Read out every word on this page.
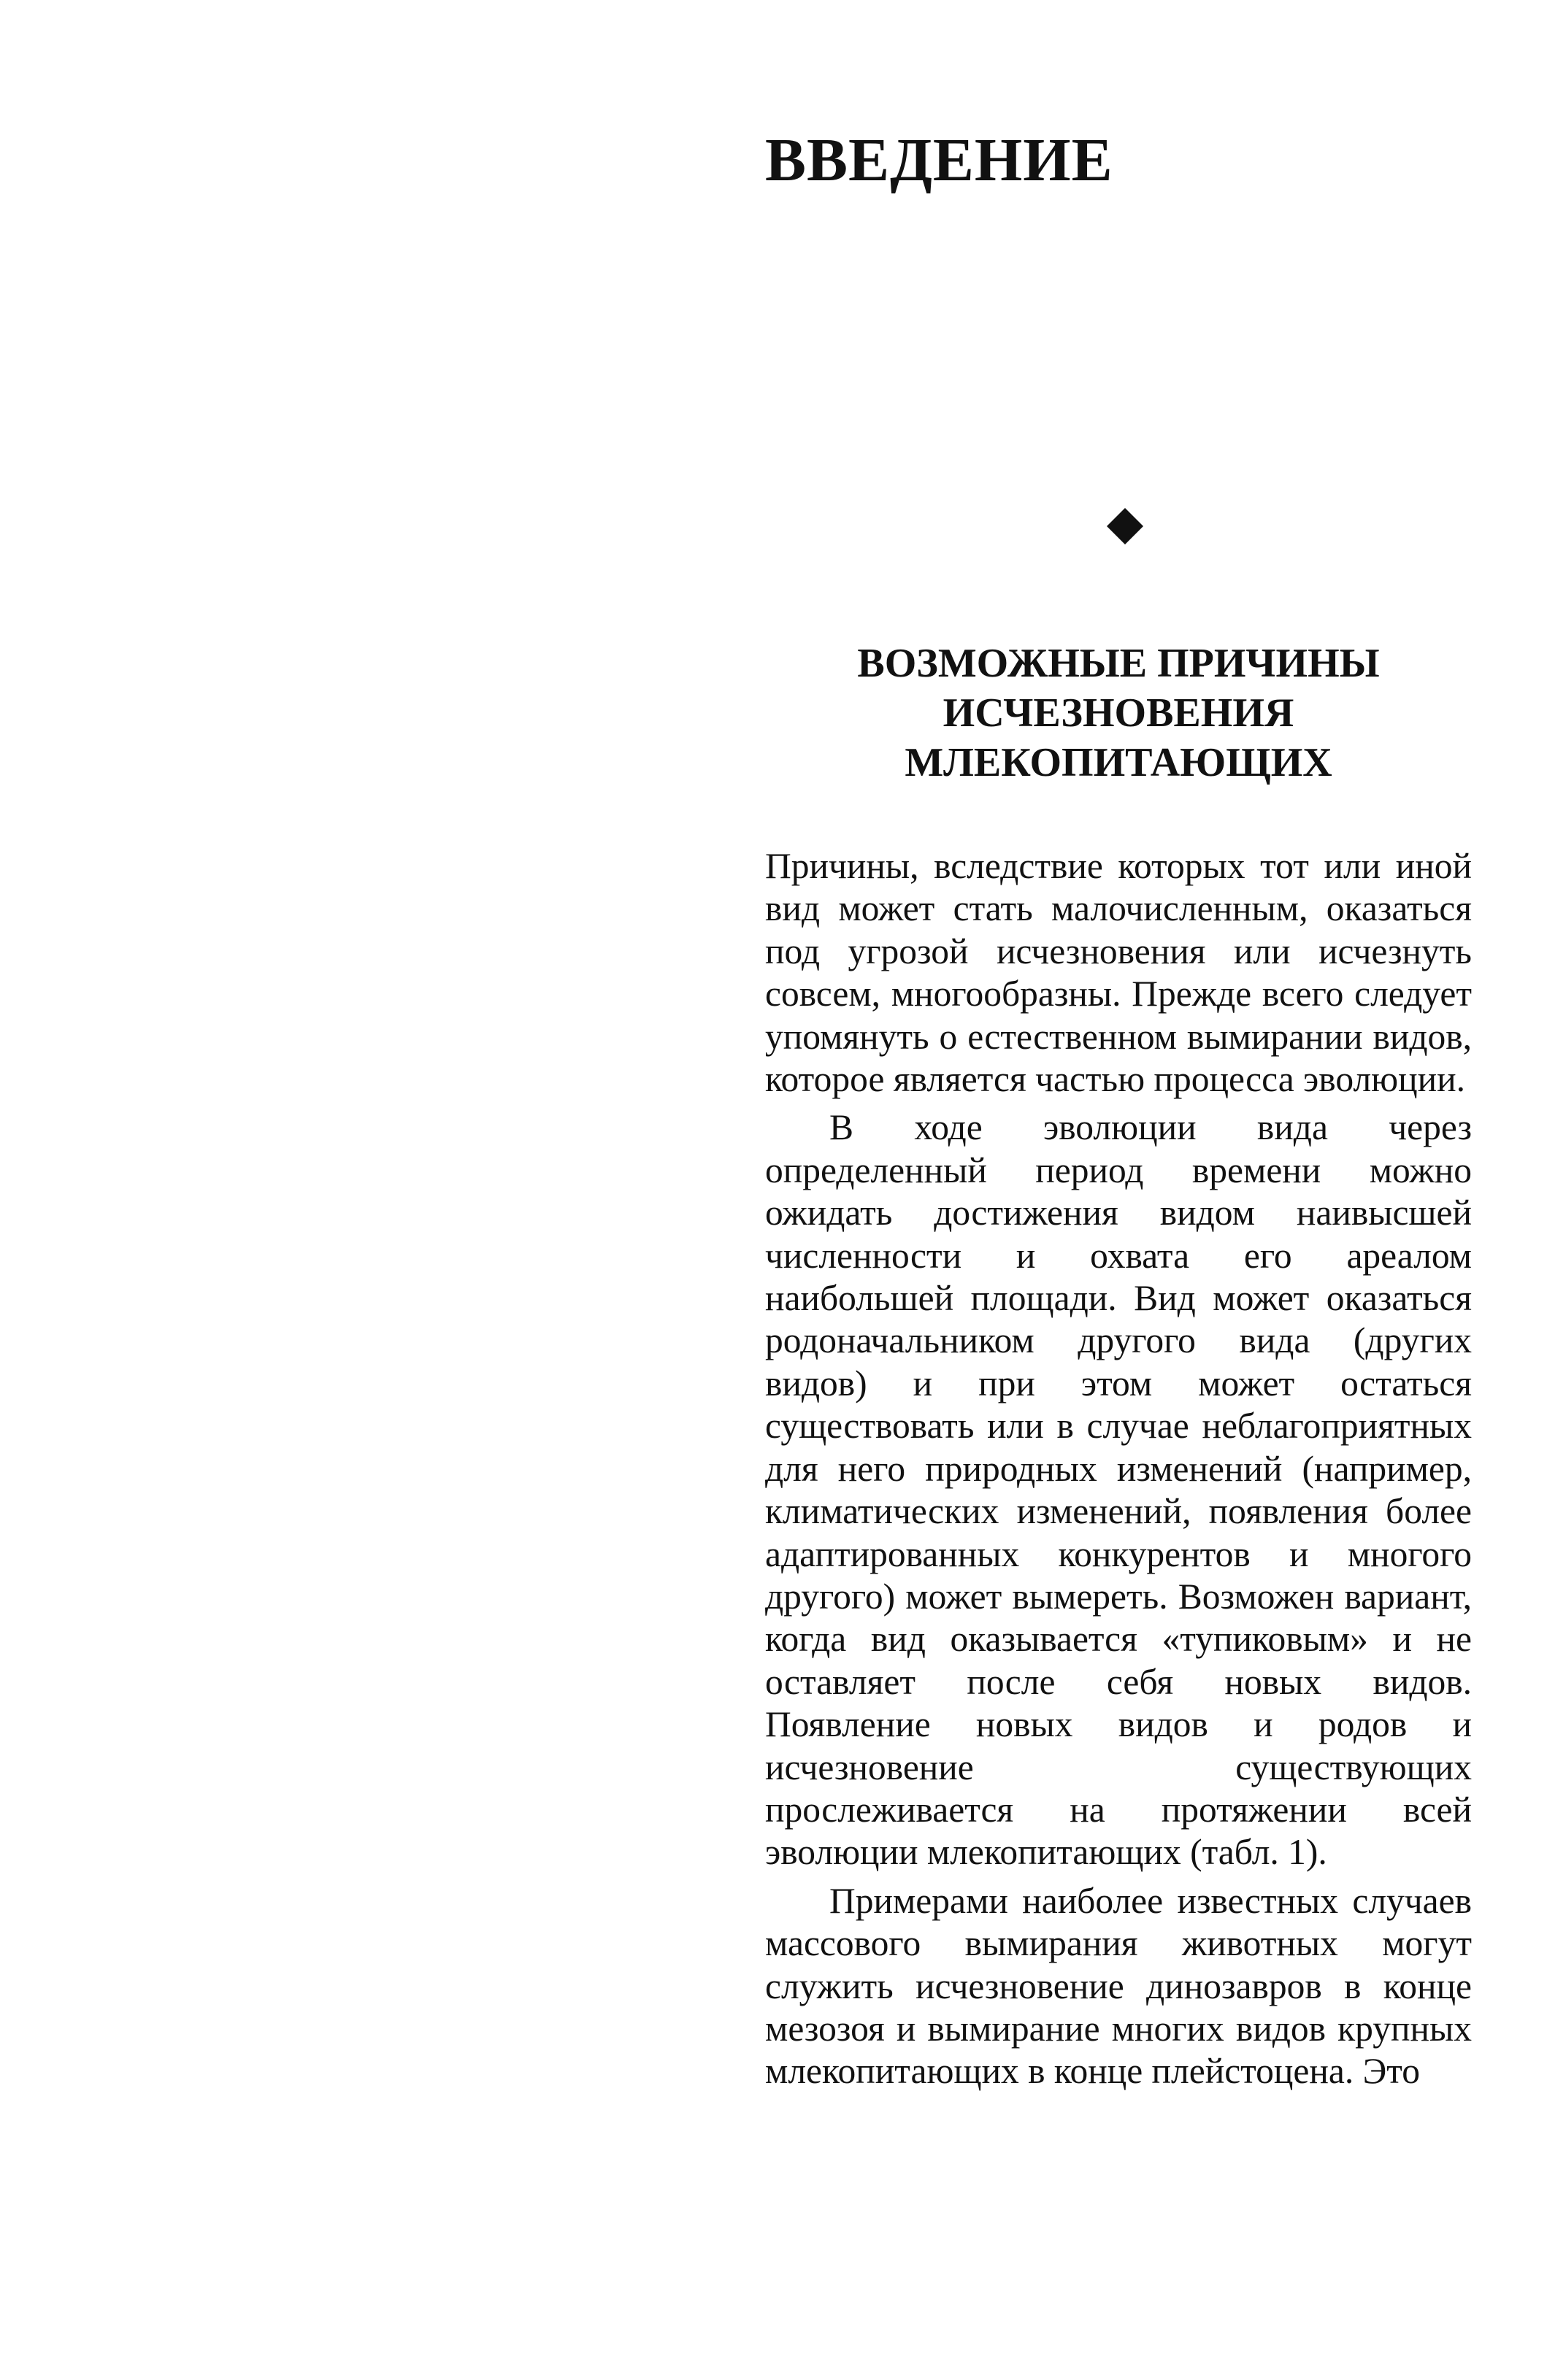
ВВЕДЕНИЕ
ВОЗМОЖНЫЕ ПРИЧИНЫ
ИСЧЕЗНОВЕНИЯ
МЛЕКОПИТАЮЩИХ

Причины, вследствие которых тот или иной вид может стать малочисленным, оказаться под угрозой исчезновения или исчезнуть совсем, многообразны. Прежде всего следует упомянуть о естественном вымирании видов, которое является частью процесса эволюции.

В ходе эволюции вида через определенный период времени можно ожидать достижения видом наивысшей численности и охвата его ареалом наибольшей площади. Вид может оказаться родоначальником другого вида (других видов) и при этом может остаться существовать или в случае неблагоприятных для него природных изменений (например, климатических изменений, появления более адаптированных конкурентов и многого другого) может вымереть. Возможен вариант, когда вид оказывается «тупиковым» и не оставляет после себя новых видов. Появление новых видов и родов и исчезновение существующих прослеживается на протяжении всей эволюции млекопитающих (табл. 1).

Примерами наиболее известных случаев массового вымирания животных могут служить исчезновение динозавров в конце мезозоя и вымирание многих видов крупных млекопитающих в конце плейстоцена. Это
